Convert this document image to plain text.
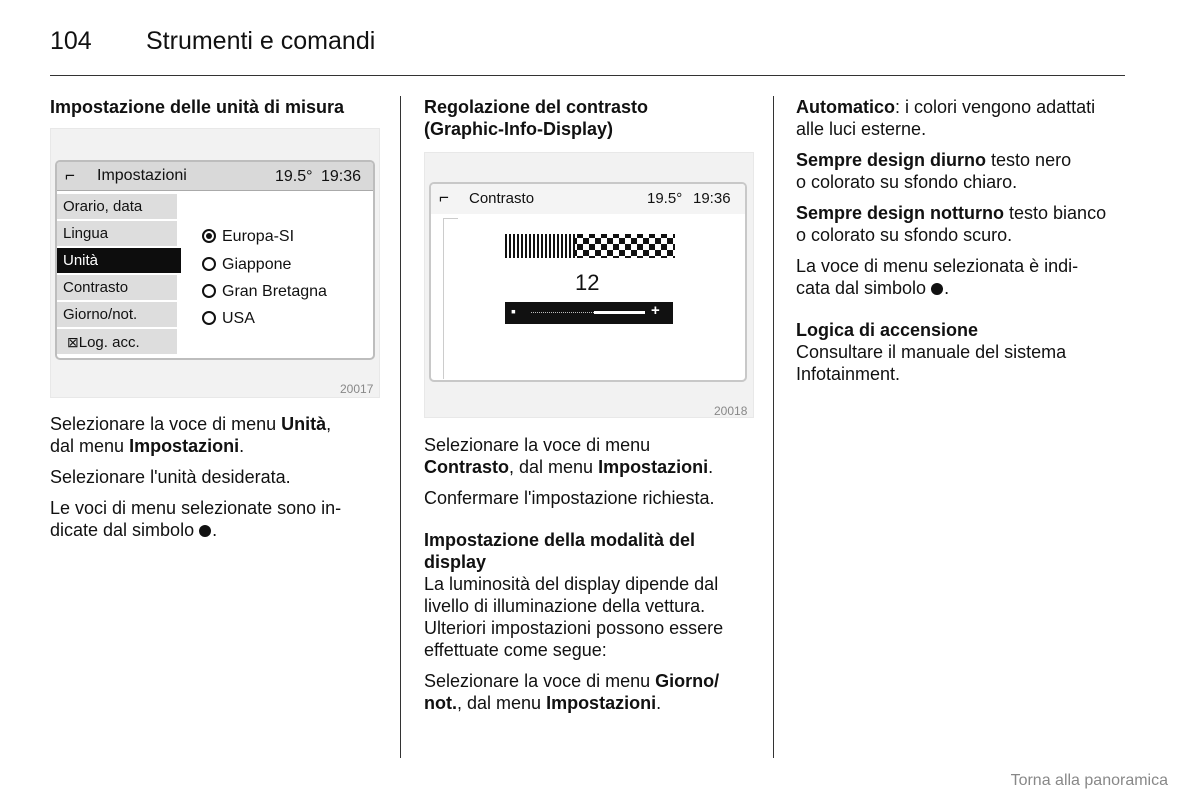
104 Strumenti e comandi
Impostazione delle unità di misura
⌐ Impostazioni	19.5° 19:36
Orario, data
Lingua
Unità
Contrasto
Giorno/not.
⊠Log. acc.
Europa-SI
Giappone
Gran Bretagna
USA
20017

Selezionare la voce di menu Unità,

dal menu Impostazioni.

Selezionare l'unità desiderata.

Le voci di menu selezionate sono in-

dicate dal simbolo .

Regolazione del contrasto
(Graphic-Info-Display)
⌐ Contrasto	19.5° 19:36
12
▪	+
20018

Selezionare la voce di menu

Contrasto, dal menu Impostazioni.

Confermare l'impostazione richiesta.

Impostazione della modalità del
display

La luminosità del display dipende dal

livello di illuminazione della vettura.

Ulteriori impostazioni possono essere

effettuate come segue:

Selezionare la voce di menu Giorno/

not., dal menu Impostazioni.

Automatico: i colori vengono adattati

alle luci esterne.

Sempre design diurno testo nero

o colorato su sfondo chiaro.

Sempre design notturno testo bianco

o colorato su sfondo scuro.

La voce di menu selezionata è indi-

cata dal simbolo .

Logica di accensione

Consultare il manuale del sistema

Infotainment.

Torna alla panoramica
